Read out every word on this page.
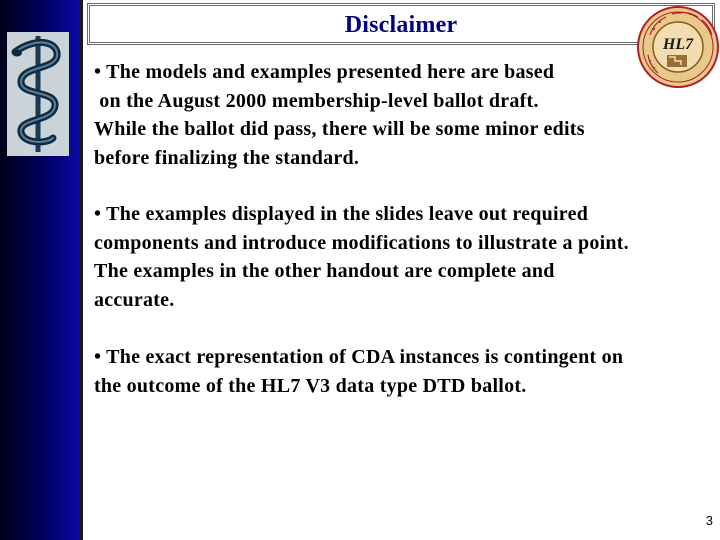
Disclaimer
HL7
• The models and examples presented here are based
on the August 2000 membership-level ballot draft.
While the ballot did pass, there will be some minor edits
before finalizing the standard.
• The examples displayed in the slides leave out required
components and introduce modifications to illustrate a point.
The examples in the other handout are complete and
accurate.
• The exact representation of CDA instances is contingent on
the outcome of the HL7 V3 data type DTD ballot.
3
